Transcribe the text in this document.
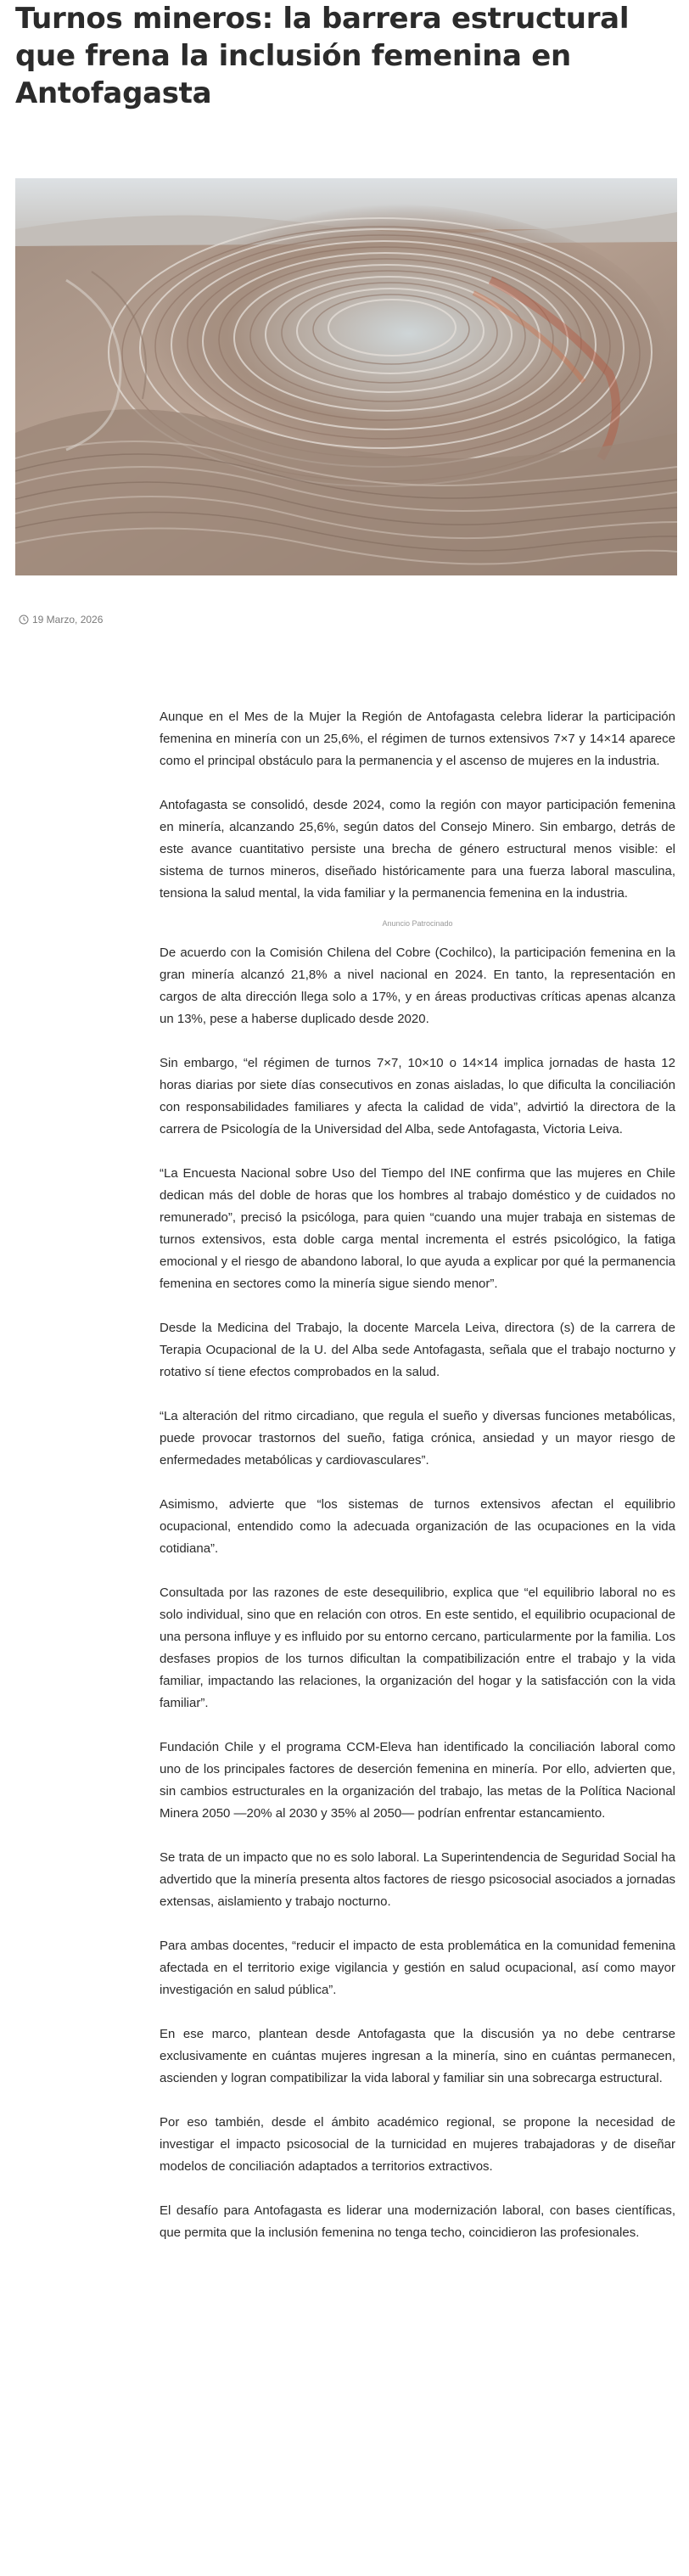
Turnos mineros: la barrera estructural que frena la inclusión femenina en Antofagasta
19 Marzo, 2026

Aunque en el Mes de la Mujer la Región de Antofagasta celebra liderar la participación femenina en minería con un 25,6%, el régimen de turnos extensivos 7×7 y 14×14 aparece como el principal obstáculo para la permanencia y el ascenso de mujeres en la industria.

Antofagasta se consolidó, desde 2024, como la región con mayor participación femenina en minería, alcanzando 25,6%, según datos del Consejo Minero. Sin embargo, detrás de este avance cuantitativo persiste una brecha de género estructural menos visible: el sistema de turnos mineros, diseñado históricamente para una fuerza laboral masculina, tensiona la salud mental, la vida familiar y la permanencia femenina en la industria.

Anuncio Patrocinado

De acuerdo con la Comisión Chilena del Cobre (Cochilco), la participación femenina en la gran minería alcanzó 21,8% a nivel nacional en 2024. En tanto, la representación en cargos de alta dirección llega solo a 17%, y en áreas productivas críticas apenas alcanza un 13%, pese a haberse duplicado desde 2020.

Sin embargo, “el régimen de turnos 7×7, 10×10 o 14×14 implica jornadas de hasta 12 horas diarias por siete días consecutivos en zonas aisladas, lo que dificulta la conciliación con responsabilidades familiares y afecta la calidad de vida”, advirtió la directora de la carrera de Psicología de la Universidad del Alba, sede Antofagasta, Victoria Leiva.

“La Encuesta Nacional sobre Uso del Tiempo del INE confirma que las mujeres en Chile dedican más del doble de horas que los hombres al trabajo doméstico y de cuidados no remunerado”, precisó la psicóloga, para quien “cuando una mujer trabaja en sistemas de turnos extensivos, esta doble carga mental incrementa el estrés psicológico, la fatiga emocional y el riesgo de abandono laboral, lo que ayuda a explicar por qué la permanencia femenina en sectores como la minería sigue siendo menor”.

Desde la Medicina del Trabajo, la docente Marcela Leiva, directora (s) de la carrera de Terapia Ocupacional de la U. del Alba sede Antofagasta, señala que el trabajo nocturno y rotativo sí tiene efectos comprobados en la salud.

“La alteración del ritmo circadiano, que regula el sueño y diversas funciones metabólicas, puede provocar trastornos del sueño, fatiga crónica, ansiedad y un mayor riesgo de enfermedades metabólicas y cardiovasculares”.

Asimismo, advierte que “los sistemas de turnos extensivos afectan el equilibrio ocupacional, entendido como la adecuada organización de las ocupaciones en la vida cotidiana”.

Consultada por las razones de este desequilibrio, explica que “el equilibrio laboral no es solo individual, sino que en relación con otros. En este sentido, el equilibrio ocupacional de una persona influye y es influido por su entorno cercano, particularmente por la familia. Los desfases propios de los turnos dificultan la compatibilización entre el trabajo y la vida familiar, impactando las relaciones, la organización del hogar y la satisfacción con la vida familiar”.

Fundación Chile y el programa CCM-Eleva han identificado la conciliación laboral como uno de los principales factores de deserción femenina en minería. Por ello, advierten que, sin cambios estructurales en la organización del trabajo, las metas de la Política Nacional Minera 2050 —20% al 2030 y 35% al 2050— podrían enfrentar estancamiento.

Se trata de un impacto que no es solo laboral. La Superintendencia de Seguridad Social ha advertido que la minería presenta altos factores de riesgo psicosocial asociados a jornadas extensas, aislamiento y trabajo nocturno.

Para ambas docentes, “reducir el impacto de esta problemática en la comunidad femenina afectada en el territorio exige vigilancia y gestión en salud ocupacional, así como mayor investigación en salud pública”.

En ese marco, plantean desde Antofagasta que la discusión ya no debe centrarse exclusivamente en cuántas mujeres ingresan a la minería, sino en cuántas permanecen, ascienden y logran compatibilizar la vida laboral y familiar sin una sobrecarga estructural.

Por eso también, desde el ámbito académico regional, se propone la necesidad de investigar el impacto psicosocial de la turnicidad en mujeres trabajadoras y de diseñar modelos de conciliación adaptados a territorios extractivos.

El desafío para Antofagasta es liderar una modernización laboral, con bases científicas, que permita que la inclusión femenina no tenga techo, coincidieron las profesionales.
